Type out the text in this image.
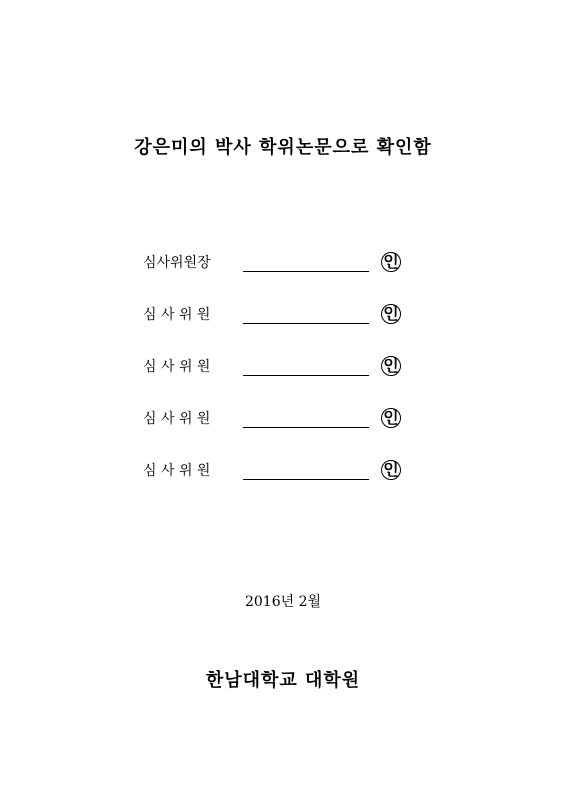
강은미의 박사 학위논문으로 확인함
심사위원장	인
심 사 위 원	인
심 사 위 원	인
심 사 위 원	인
심 사 위 원	인
2016년 2월
한남대학교 대학원
